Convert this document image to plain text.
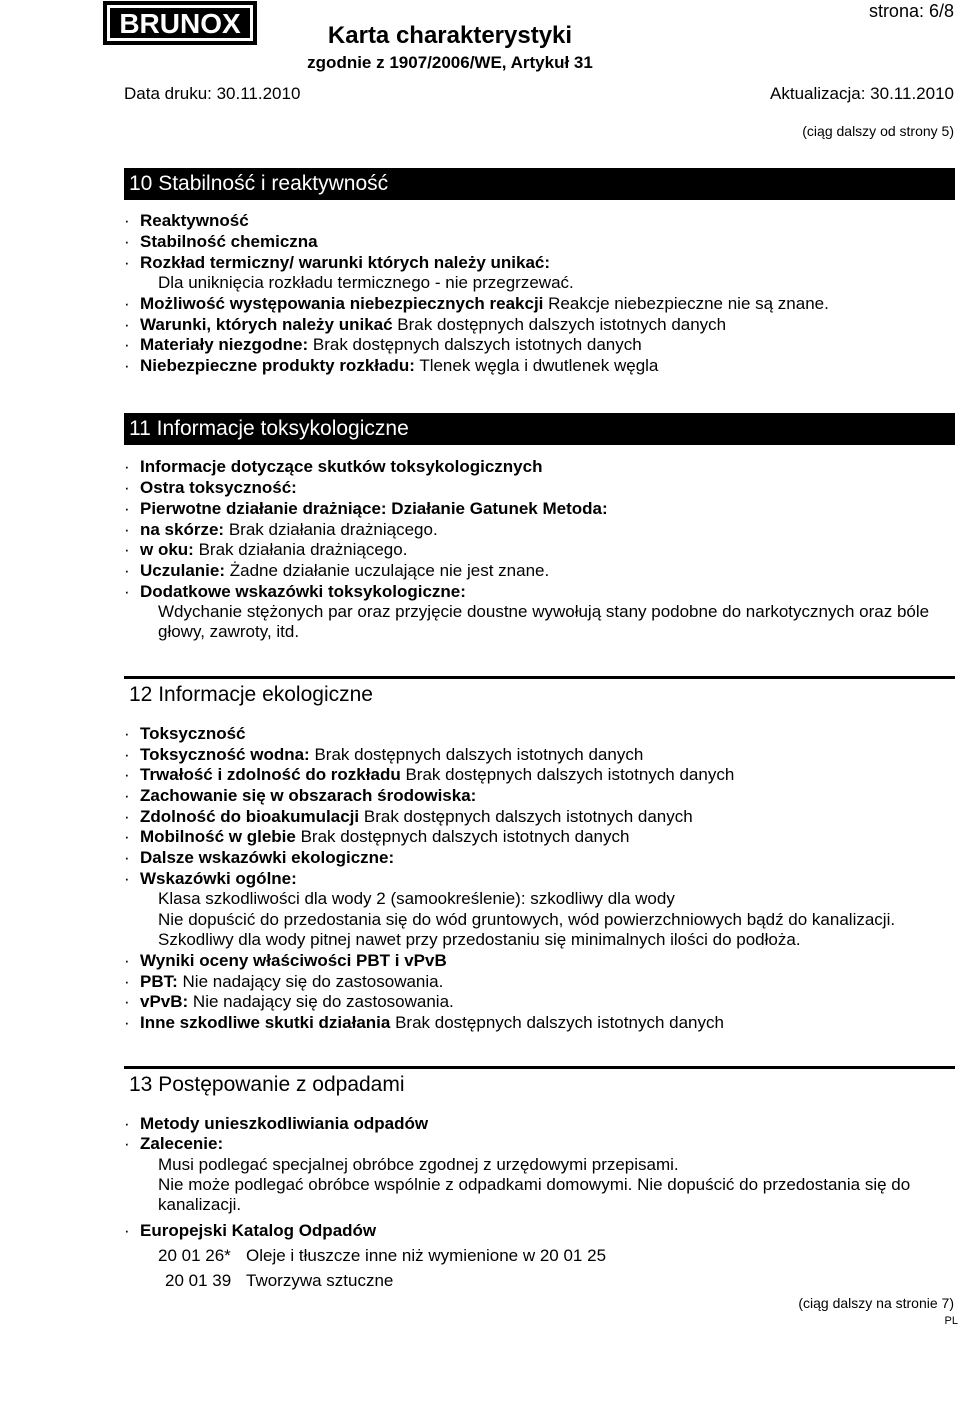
BRUNOX	strona: 6/8
Karta charakterystyki
zgodnie z 1907/2006/WE, Artykuł 31
Data druku: 30.11.2010	Aktualizacja: 30.11.2010
(ciąg dalszy od strony 5)
10 Stabilność i reaktywność
· Reaktywność
· Stabilność chemiczna
· Rozkład termiczny/ warunki których należy unikać:
Dla uniknięcia rozkładu termicznego - nie przegrzewać.
· Możliwość występowania niebezpiecznych reakcji Reakcje niebezpieczne nie są znane.
· Warunki, których należy unikać Brak dostępnych dalszych istotnych danych
· Materiały niezgodne: Brak dostępnych dalszych istotnych danych
· Niebezpieczne produkty rozkładu: Tlenek węgla i dwutlenek węgla
11 Informacje toksykologiczne
· Informacje dotyczące skutków toksykologicznych
· Ostra toksyczność:
· Pierwotne działanie drażniące: Działanie Gatunek Metoda:
· na skórze: Brak działania drażniącego.
· w oku: Brak działania drażniącego.
· Uczulanie: Żadne działanie uczulające nie jest znane.
· Dodatkowe wskazówki toksykologiczne:
Wdychanie stężonych par oraz przyjęcie doustne wywołują stany podobne do narkotycznych oraz bóle głowy, zawroty, itd.
12 Informacje ekologiczne
· Toksyczność
· Toksyczność wodna: Brak dostępnych dalszych istotnych danych
· Trwałość i zdolność do rozkładu Brak dostępnych dalszych istotnych danych
· Zachowanie się w obszarach środowiska:
· Zdolność do bioakumulacji Brak dostępnych dalszych istotnych danych
· Mobilność w glebie Brak dostępnych dalszych istotnych danych
· Dalsze wskazówki ekologiczne:
· Wskazówki ogólne:
Klasa szkodliwości dla wody 2 (samookreślenie): szkodliwy dla wody
Nie dopuścić do przedostania się do wód gruntowych, wód powierzchniowych bądź do kanalizacji.
Szkodliwy dla wody pitnej nawet przy przedostaniu się minimalnych ilości do podłoża.
· Wyniki oceny właściwości PBT i vPvB
· PBT: Nie nadający się do zastosowania.
· vPvB: Nie nadający się do zastosowania.
· Inne szkodliwe skutki działania Brak dostępnych dalszych istotnych danych
13 Postępowanie z odpadami
· Metody unieszkodliwiania odpadów
· Zalecenie:
Musi podlegać specjalnej obróbce zgodnej z urzędowymi przepisami.
Nie może podlegać obróbce wspólnie z odpadkami domowymi. Nie dopuścić do przedostania się do kanalizacji.
· Europejski Katalog Odpadów
20 01 26* Oleje i tłuszcze inne niż wymienione w 20 01 25
20 01 39 Tworzywa sztuczne
(ciąg dalszy na stronie 7)
PL
